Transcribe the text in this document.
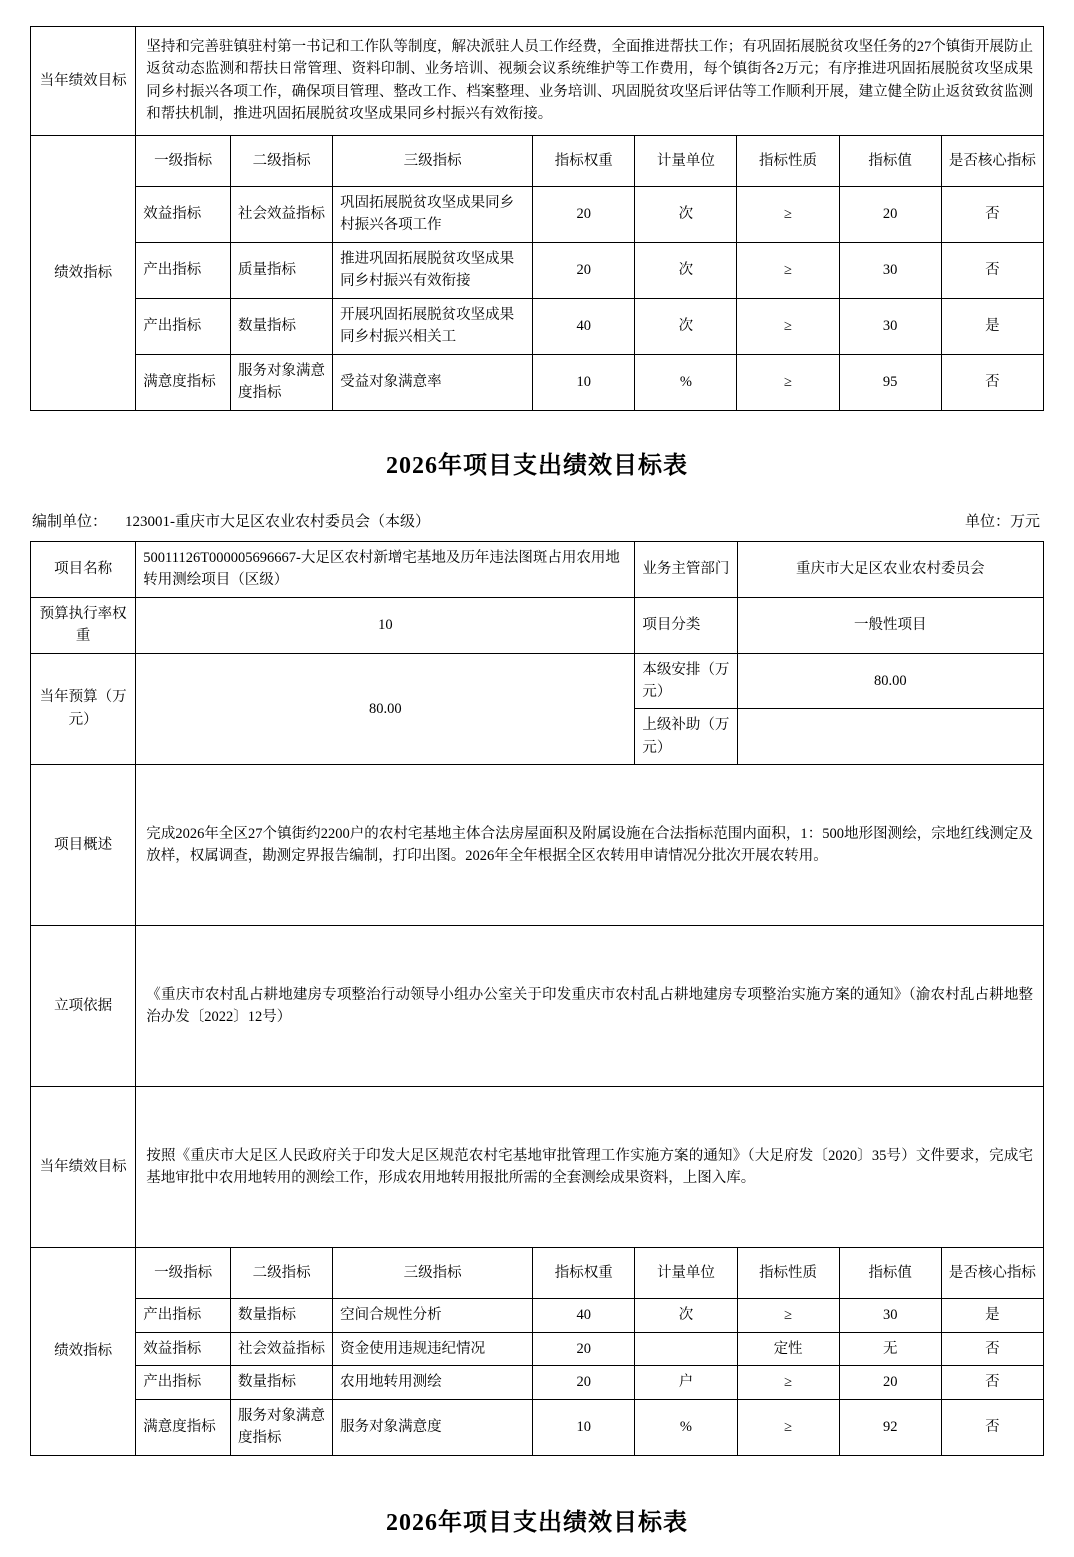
当年绩效目标	坚持和完善驻镇驻村第一书记和工作队等制度，解决派驻人员工作经费，全面推进帮扶工作；有巩固拓展脱贫攻坚任务的27个镇街开展防止返贫动态监测和帮扶日常管理、资料印制、业务培训、视频会议系统维护等工作费用，每个镇街各2万元；有序推进巩固拓展脱贫攻坚成果同乡村振兴各项工作，确保项目管理、整改工作、档案整理、业务培训、巩固脱贫攻坚后评估等工作顺利开展，建立健全防止返贫致贫监测和帮扶机制，推进巩固拓展脱贫攻坚成果同乡村振兴有效衔接。							
绩效指标	一级指标	二级指标	三级指标	指标权重	计量单位	指标性质	指标值	是否核心指标
	效益指标	社会效益指标	巩固拓展脱贫攻坚成果同乡村振兴各项工作	20	次	≥	20	否
	产出指标	质量指标	推进巩固拓展脱贫攻坚成果同乡村振兴有效衔接	20	次	≥	30	否
	产出指标	数量指标	开展巩固拓展脱贫攻坚成果同乡村振兴相关工	40	次	≥	30	是
	满意度指标	服务对象满意度指标	受益对象满意率	10	%	≥	95	否
2026年项目支出绩效目标表
编制单位： 123001-重庆市大足区农业农村委员会（本级）	单位：万元
项目名称	50011126T000005696667-大足区农村新增宅基地及历年违法图斑占用农用地转用测绘项目（区级）				业务主管部门	重庆市大足区农业农村委员会		
预算执行率权重	10				项目分类	一般性项目		
当年预算（万元）	80.00				本级安排（万元）	80.00		
					上级补助（万元）			
项目概述	完成2026年全区27个镇街约2200户的农村宅基地主体合法房屋面积及附属设施在合法指标范围内面积，1：500地形图测绘，宗地红线测定及放样，权属调查，勘测定界报告编制，打印出图。2026年全年根据全区农转用申请情况分批次开展农转用。							
立项依据	《重庆市农村乱占耕地建房专项整治行动领导小组办公室关于印发重庆市农村乱占耕地建房专项整治实施方案的通知》（渝农村乱占耕地整治办发〔2022〕12号）							
当年绩效目标	按照《重庆市大足区人民政府关于印发大足区规范农村宅基地审批管理工作实施方案的通知》（大足府发〔2020〕35号）文件要求，完成宅基地审批中农用地转用的测绘工作，形成农用地转用报批所需的全套测绘成果资料，上图入库。							
绩效指标	一级指标	二级指标	三级指标	指标权重	计量单位	指标性质	指标值	是否核心指标
	产出指标	数量指标	空间合规性分析	40	次	≥	30	是
	效益指标	社会效益指标	资金使用违规违纪情况	20		定性	无	否
	产出指标	数量指标	农用地转用测绘	20	户	≥	20	否
	满意度指标	服务对象满意度指标	服务对象满意度	10	%	≥	92	否
2026年项目支出绩效目标表
